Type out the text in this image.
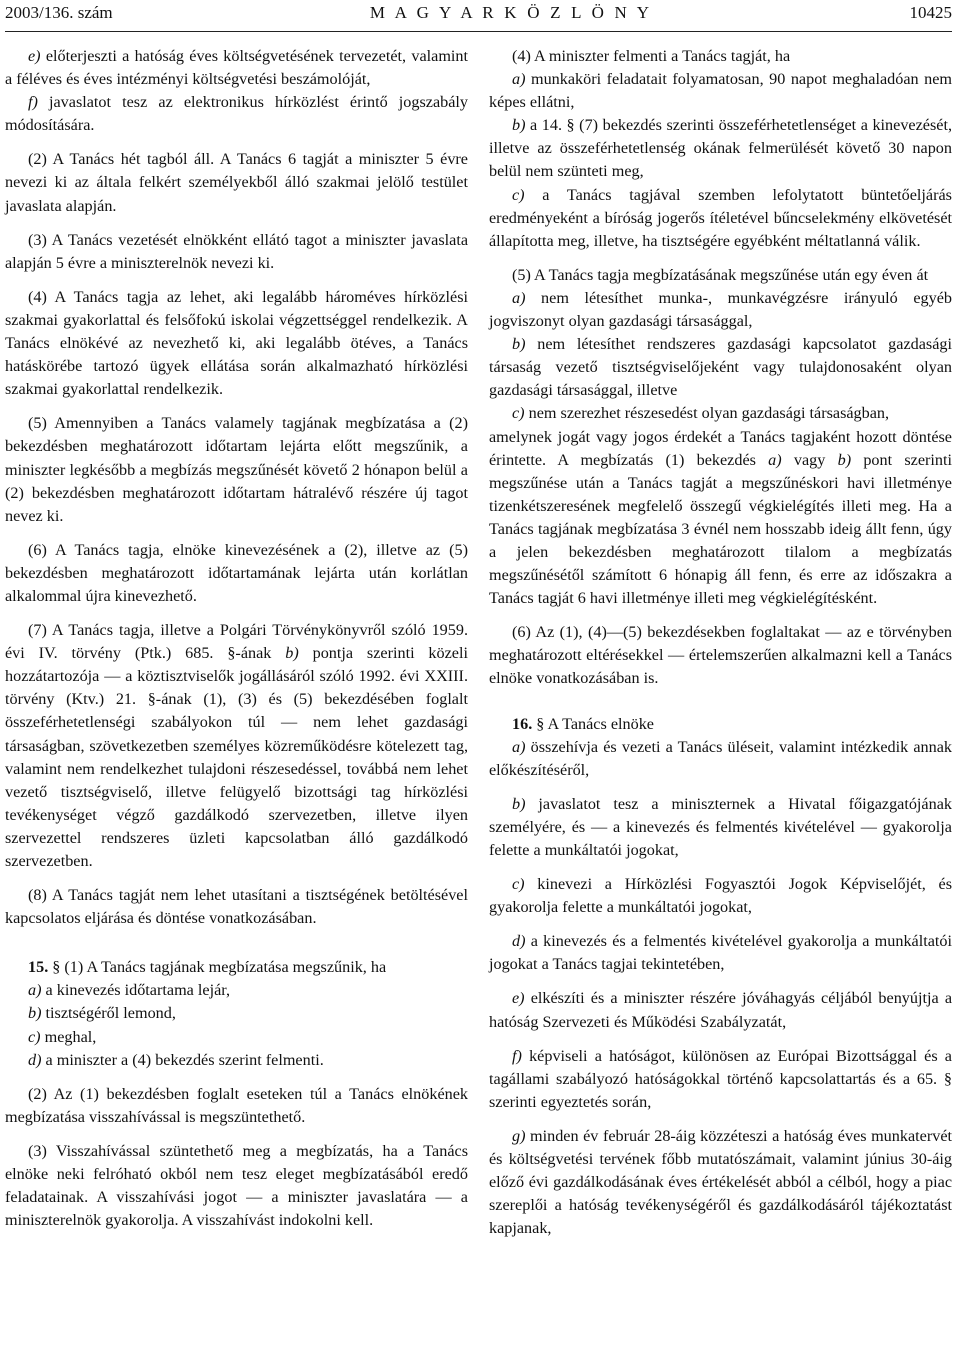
2003/136. szám	M A G Y A R K Ö Z L Ö N Y	10425

e) előterjeszti a hatóság éves költségvetésének tervezetét, valamint a féléves és éves intézményi költségvetési beszámolóját,

f) javaslatot tesz az elektronikus hírközlést érintő jogszabály módosítására.

(2) A Tanács hét tagból áll. A Tanács 6 tagját a miniszter 5 évre nevezi ki az általa felkért személyekből álló szakmai jelölő testület javaslata alapján.

(3) A Tanács vezetését elnökként ellátó tagot a miniszter javaslata alapján 5 évre a miniszterelnök nevezi ki.

(4) A Tanács tagja az lehet, aki legalább hároméves hírközlési szakmai gyakorlattal és felsőfokú iskolai végzettséggel rendelkezik. A Tanács elnökévé az nevezhető ki, aki legalább ötéves, a Tanács hatáskörébe tartozó ügyek ellátása során alkalmazható hírközlési szakmai gyakorlattal rendelkezik.

(5) Amennyiben a Tanács valamely tagjának megbízatása a (2) bekezdésben meghatározott időtartam lejárta előtt megszűnik, a miniszter legkésőbb a megbízás megszűnését követő 2 hónapon belül a (2) bekezdésben meghatározott időtartam hátralévő részére új tagot nevez ki.

(6) A Tanács tagja, elnöke kinevezésének a (2), illetve az (5) bekezdésben meghatározott időtartamának lejárta után korlátlan alkalommal újra kinevezhető.

(7) A Tanács tagja, illetve a Polgári Törvénykönyvről szóló 1959. évi IV. törvény (Ptk.) 685. §-ának b) pontja szerinti közeli hozzátartozója — a köztisztviselők jogállásáról szóló 1992. évi XXIII. törvény (Ktv.) 21. §-ának (1), (3) és (5) bekezdésében foglalt összeférhetetlenségi szabályokon túl — nem lehet gazdasági társaságban, szövetkezetben személyes közreműködésre kötelezett tag, valamint nem rendelkezhet tulajdoni részesedéssel, továbbá nem lehet vezető tisztségviselő, illetve felügyelő bizottsági tag hírközlési tevékenységet végző gazdálkodó szervezetben, illetve ilyen szervezettel rendszeres üzleti kapcsolatban álló gazdálkodó szervezetben.

(8) A Tanács tagját nem lehet utasítani a tisztségének betöltésével kapcsolatos eljárása és döntése vonatkozásában.

15. § (1) A Tanács tagjának megbízatása megszűnik, ha

a) a kinevezés időtartama lejár,

b) tisztségéről lemond,

c) meghal,

d) a miniszter a (4) bekezdés szerint felmenti.

(2) Az (1) bekezdésben foglalt eseteken túl a Tanács elnökének megbízatása visszahívással is megszüntethető.

(3) Visszahívással szüntethető meg a megbízatás, ha a Tanács elnöke neki felróható okból nem tesz eleget megbízatásából eredő feladatainak. A visszahívási jogot — a miniszter javaslatára — a miniszterelnök gyakorolja. A visszahívást indokolni kell.

(4) A miniszter felmenti a Tanács tagját, ha

a) munkaköri feladatait folyamatosan, 90 napot meghaladóan nem képes ellátni,

b) a 14. § (7) bekezdés szerinti összeférhetetlenséget a kinevezését, illetve az összeférhetetlenség okának felmerülését követő 30 napon belül nem szünteti meg,

c) a Tanács tagjával szemben lefolytatott büntetőeljárás eredményeként a bíróság jogerős ítéletével bűncselekmény elkövetését állapította meg, illetve, ha tisztségére egyébként méltatlanná válik.

(5) A Tanács tagja megbízatásának megszűnése után egy éven át

a) nem létesíthet munka-, munkavégzésre irányuló egyéb jogviszonyt olyan gazdasági társasággal,

b) nem létesíthet rendszeres gazdasági kapcsolatot gazdasági társaság vezető tisztségviselőjeként vagy tulajdonosaként olyan gazdasági társasággal, illetve

c) nem szerezhet részesedést olyan gazdasági társaságban,

amelynek jogát vagy jogos érdekét a Tanács tagjaként hozott döntése érintette. A megbízatás (1) bekezdés a) vagy b) pont szerinti megszűnése után a Tanács tagját a megszűnéskori havi illetménye tizenkétszeresének megfelelő összegű végkielégítés illeti meg. Ha a Tanács tagjának megbízatása 3 évnél nem hosszabb ideig állt fenn, úgy a jelen bekezdésben meghatározott tilalom a megbízatás megszűnésétől számított 6 hónapig áll fenn, és erre az időszakra a Tanács tagját 6 havi illetménye illeti meg végkielégítésként.

(6) Az (1), (4)—(5) bekezdésekben foglaltakat — az e törvényben meghatározott eltérésekkel — értelemszerűen alkalmazni kell a Tanács elnöke vonatkozásában is.

16. § A Tanács elnöke

a) összehívja és vezeti a Tanács üléseit, valamint intézkedik annak előkészítéséről,

b) javaslatot tesz a miniszternek a Hivatal főigazgatójának személyére, és — a kinevezés és felmentés kivételével — gyakorolja felette a munkáltatói jogokat,

c) kinevezi a Hírközlési Fogyasztói Jogok Képviselőjét, és gyakorolja felette a munkáltatói jogokat,

d) a kinevezés és a felmentés kivételével gyakorolja a munkáltatói jogokat a Tanács tagjai tekintetében,

e) elkészíti és a miniszter részére jóváhagyás céljából benyújtja a hatóság Szervezeti és Működési Szabályzatát,

f) képviseli a hatóságot, különösen az Európai Bizottsággal és a tagállami szabályozó hatóságokkal történő kapcsolattartás és a 65. § szerinti egyeztetés során,

g) minden év február 28-áig közzéteszi a hatóság éves munkatervét és költségvetési tervének főbb mutatószámait, valamint június 30-áig előző évi gazdálkodásának éves értékelését abból a célból, hogy a piac szereplői a hatóság tevékenységéről és gazdálkodásáról tájékoztatást kapjanak,
